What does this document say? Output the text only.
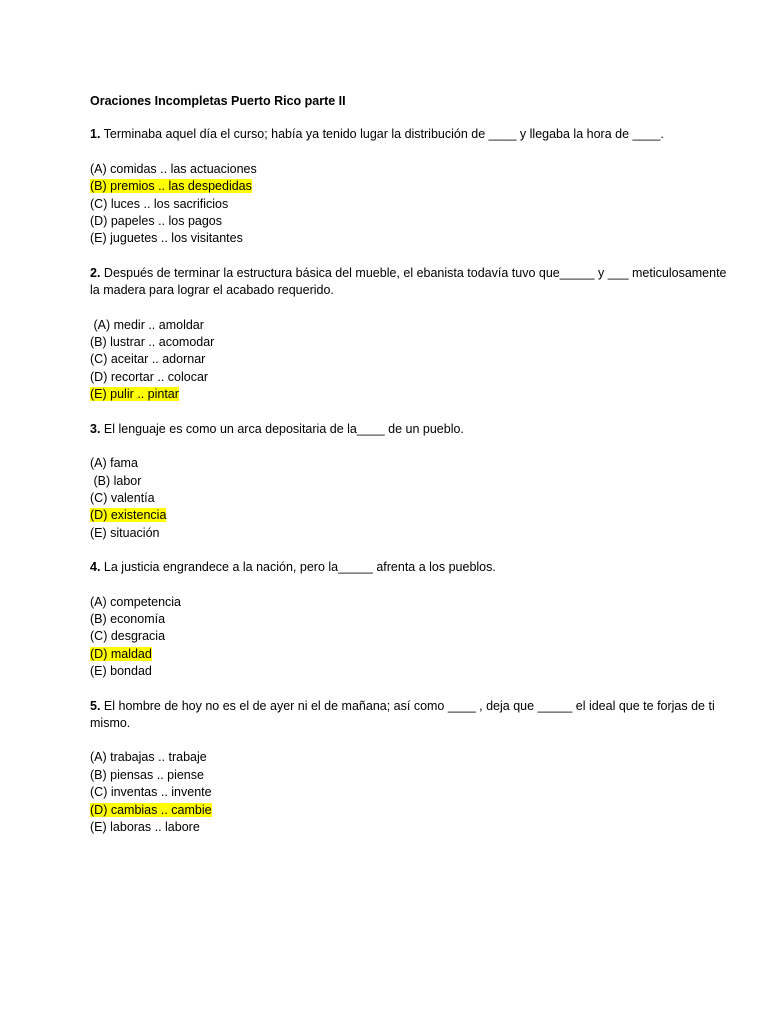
Oraciones Incompletas Puerto Rico parte II
1. Terminaba aquel día el curso; había ya tenido lugar la distribución de ____ y llegaba la hora de ____.
(A) comidas .. las actuaciones
(B) premios .. las despedidas
(C) luces .. los sacrificios
(D) papeles .. los pagos
(E) juguetes .. los visitantes
2. Después de terminar la estructura básica del mueble, el ebanista todavía tuvo que_____ y ___ meticulosamente la madera para lograr el acabado requerido.
(A) medir .. amoldar
(B) lustrar .. acomodar
(C) aceitar .. adornar
(D) recortar .. colocar
(E) pulir .. pintar
3. El lenguaje es como un arca depositaria de la____ de un pueblo.
(A) fama
(B) labor
(C) valentía
(D) existencia
(E) situación
4. La justicia engrandece a la nación, pero la_____ afrenta a los pueblos.
(A) competencia
(B) economía
(C) desgracia
(D) maldad
(E) bondad
5. El hombre de hoy no es el de ayer ni el de mañana; así como ____ , deja que _____ el ideal que te forjas de ti mismo.
(A) trabajas .. trabaje
(B) piensas .. piense
(C) inventas .. invente
(D) cambias .. cambie
(E) laboras .. labore
